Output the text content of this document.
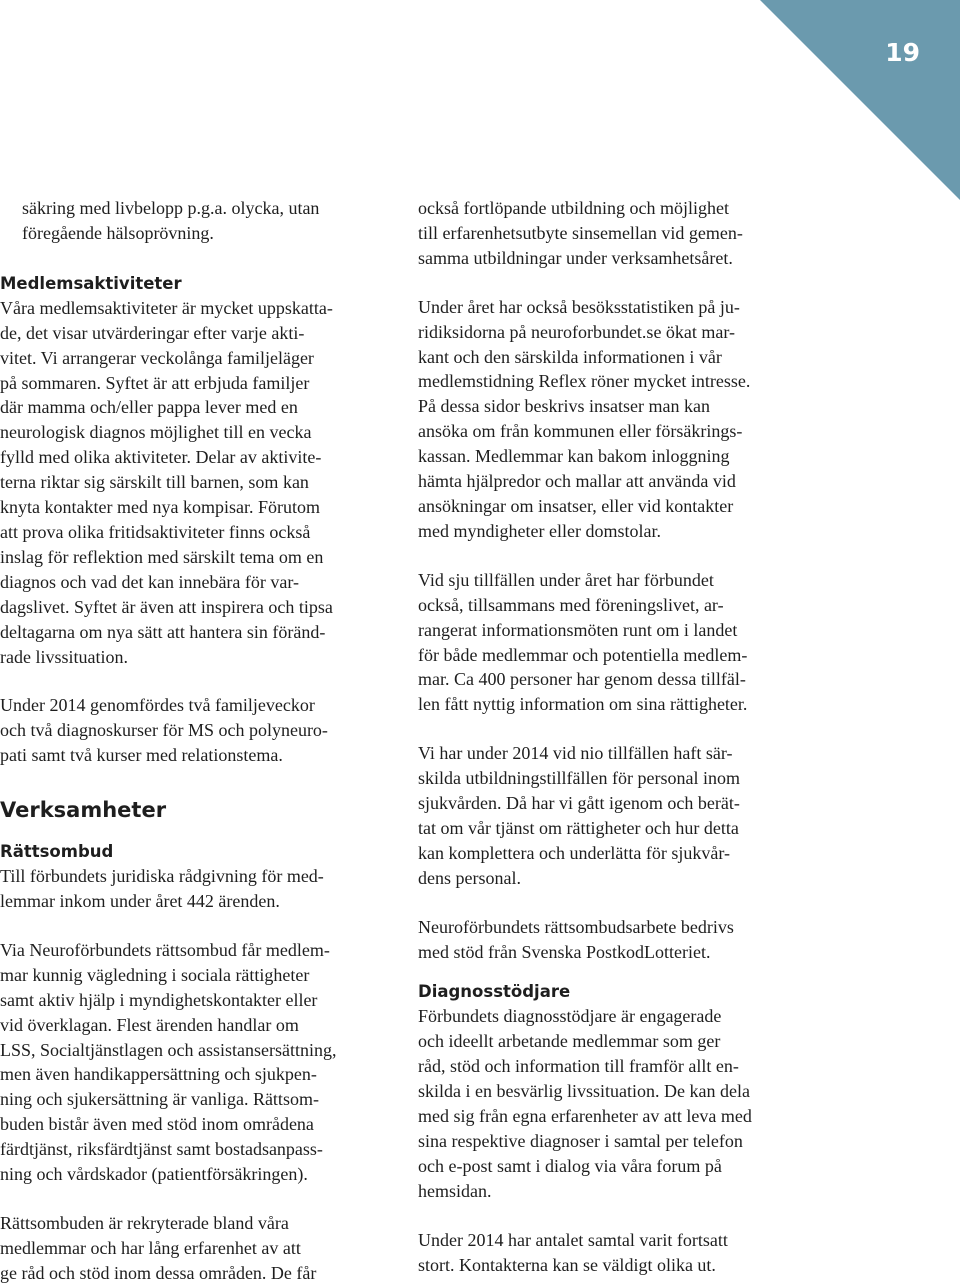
19

säkring med livbelopp p.g.a. olycka, utan
föregående hälsoprövning.

Medlemsaktiviteter

Våra medlemsaktiviteter är mycket uppskatta-
de, det visar utvärderingar efter varje akti-
vitet. Vi arrangerar veckolånga familjeläger
på sommaren. Syftet är att erbjuda familjer
där mamma och/eller pappa lever med en
neurologisk diagnos möjlighet till en vecka
fylld med olika aktiviteter. Delar av aktivite-
terna riktar sig särskilt till barnen, som kan
knyta kontakter med nya kompisar. Förutom
att prova olika fritidsaktiviteter finns också
inslag för reflektion med särskilt tema om en
diagnos och vad det kan innebära för var-
dagslivet. Syftet är även att inspirera och tipsa
deltagarna om nya sätt att hantera sin föränd-
rade livssituation.

Under 2014 genomfördes två familjeveckor
och två diagnoskurser för MS och polyneuro-
pati samt två kurser med relationstema.

Verksamheter
Rättsombud

Till förbundets juridiska rådgivning för med-
lemmar inkom under året 442 ärenden.

Via Neuroförbundets rättsombud får medlem-
mar kunnig vägledning i sociala rättigheter
samt aktiv hjälp i myndighetskontakter eller
vid överklagan. Flest ärenden handlar om
LSS, Socialtjänstlagen och assistansersättning,
men även handikappersättning och sjukpen-
ning och sjukersättning är vanliga. Rättsom-
buden bistår även med stöd inom områdena
färdtjänst, riksfärdtjänst samt bostadsanpass-
ning och vårdskador (patientförsäkringen).

Rättsombuden är rekryterade bland våra
medlemmar och har lång erfarenhet av att
ge råd och stöd inom dessa områden. De får

också fortlöpande utbildning och möjlighet
till erfarenhetsutbyte sinsemellan vid gemen-
samma utbildningar under verksamhetsåret.

Under året har också besöksstatistiken på ju-
ridiksidorna på neuroforbundet.se ökat mar-
kant och den särskilda informationen i vår
medlemstidning Reflex röner mycket intresse.
På dessa sidor beskrivs insatser man kan
ansöka om från kommunen eller försäkrings-
kassan. Medlemmar kan bakom inloggning
hämta hjälpredor och mallar att använda vid
ansökningar om insatser, eller vid kontakter
med myndigheter eller domstolar.

Vid sju tillfällen under året har förbundet
också, tillsammans med föreningslivet, ar-
rangerat informationsmöten runt om i landet
för både medlemmar och potentiella medlem-
mar. Ca 400 personer har genom dessa tillfäl-
len fått nyttig information om sina rättigheter.

Vi har under 2014 vid nio tillfällen haft sär-
skilda utbildningstillfällen för personal inom
sjukvården. Då har vi gått igenom och berät-
tat om vår tjänst om rättigheter och hur detta
kan komplettera och underlätta för sjukvår-
dens personal.

Neuroförbundets rättsombudsarbete bedrivs
med stöd från Svenska PostkodLotteriet.

Diagnosstödjare

Förbundets diagnosstödjare är engagerade
och ideellt arbetande medlemmar som ger
råd, stöd och information till framför allt en-
skilda i en besvärlig livssituation. De kan dela
med sig från egna erfarenheter av att leva med
sina respektive diagnoser i samtal per telefon
och e-post samt i dialog via våra forum på
hemsidan.

Under 2014 har antalet samtal varit fortsatt
stort. Kontakterna kan se väldigt olika ut.
